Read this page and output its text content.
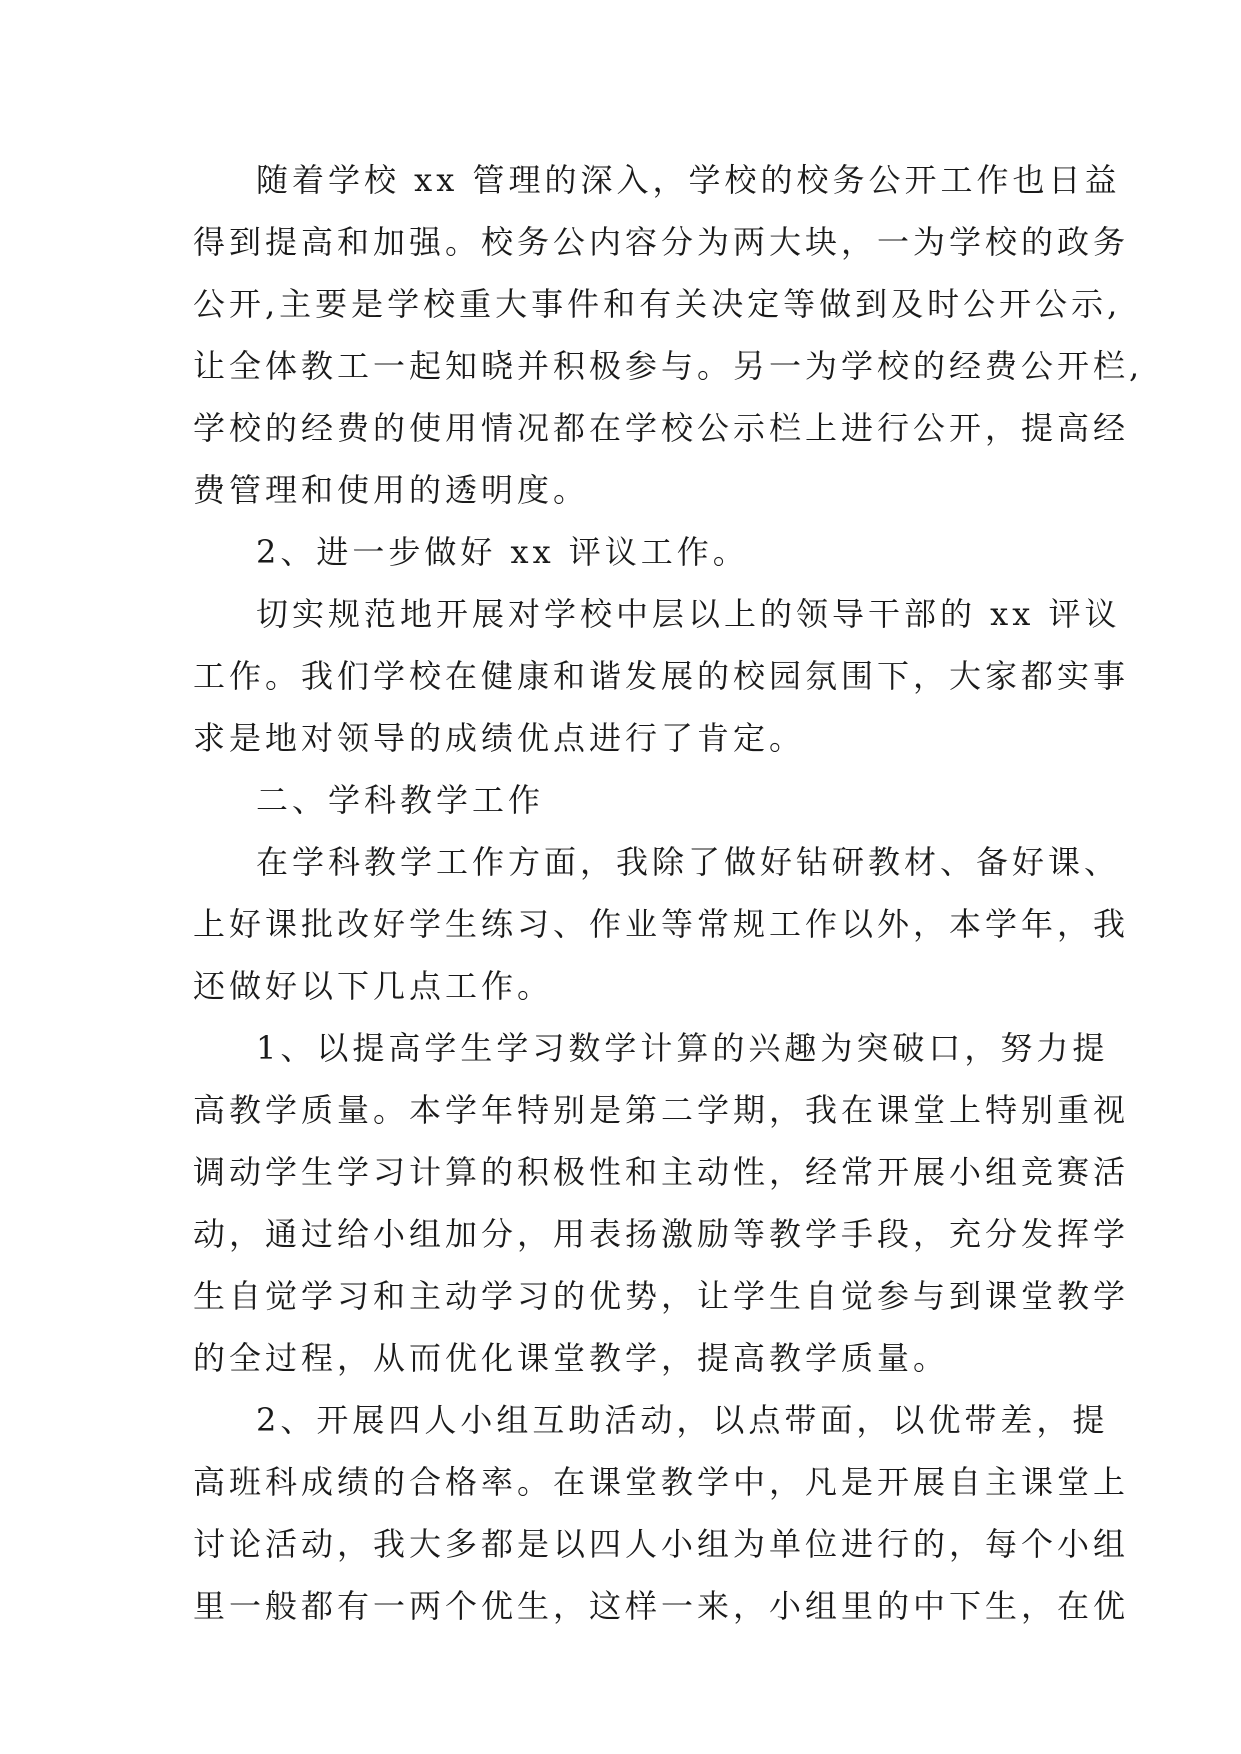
随着学校 xx 管理的深入，学校的校务公开工作也日益
得到提高和加强。校务公内容分为两大块，一为学校的政务
公开,主要是学校重大事件和有关决定等做到及时公开公示,
让全体教工一起知晓并积极参与。另一为学校的经费公开栏,
学校的经费的使用情况都在学校公示栏上进行公开，提高经
费管理和使用的透明度。
2、进一步做好 xx 评议工作。
切实规范地开展对学校中层以上的领导干部的 xx 评议
工作。我们学校在健康和谐发展的校园氛围下，大家都实事
求是地对领导的成绩优点进行了肯定。
二、学科教学工作
在学科教学工作方面，我除了做好钻研教材、备好课、
上好课批改好学生练习、作业等常规工作以外，本学年，我
还做好以下几点工作。
1、以提高学生学习数学计算的兴趣为突破口，努力提
高教学质量。本学年特别是第二学期，我在课堂上特别重视
调动学生学习计算的积极性和主动性，经常开展小组竞赛活
动，通过给小组加分，用表扬激励等教学手段，充分发挥学
生自觉学习和主动学习的优势，让学生自觉参与到课堂教学
的全过程，从而优化课堂教学，提高教学质量。
2、开展四人小组互助活动，以点带面，以优带差，提
高班科成绩的合格率。在课堂教学中，凡是开展自主课堂上
讨论活动，我大多都是以四人小组为单位进行的，每个小组
里一般都有一两个优生，这样一来，小组里的中下生，在优
